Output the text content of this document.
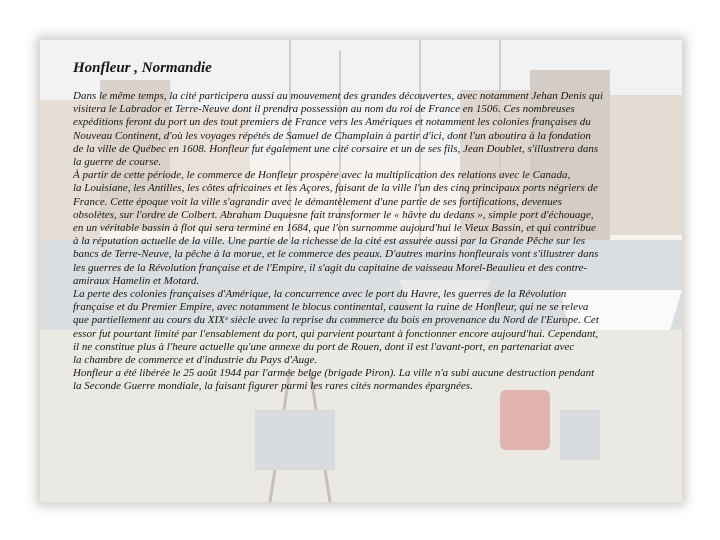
Honfleur , Normandie
Dans le même temps, la cité participera aussi au mouvement des grandes découvertes, avec notamment Jehan Denis qui
visitera le Labrador et Terre-Neuve dont il prendra possession au nom du roi de France en 1506. Ces nombreuses
expéditions feront du port un des tout premiers de France vers les Amériques et notamment les colonies françaises du
Nouveau Continent, d'où les voyages répétés de Samuel de Champlain à partir d'ici, dont l'un aboutira à la fondation
de la ville de Québec en 1608. Honfleur fut également une cité corsaire et un de ses fils, Jean Doublet, s'illustrera dans
la guerre de course.
À partir de cette période, le commerce de Honfleur prospère avec la multiplication des relations avec le Canada,
la Louisiane, les Antilles, les côtes africaines et les Açores, faisant de la ville l'un des cinq principaux ports négriers de
France. Cette époque voit la ville s'agrandir avec le démantèlement d'une partie de ses fortifications, devenues
obsolètes, sur l'ordre de Colbert. Abraham Duquesne fait transformer le « hâvre du dedans », simple port d'échouage,
en un véritable bassin à flot qui sera terminé en 1684, que l'on surnomme aujourd'hui le Vieux Bassin, et qui contribue
à la réputation actuelle de la ville. Une partie de la richesse de la cité est assurée aussi par la Grande Pêche sur les
bancs de Terre-Neuve, la pêche à la morue, et le commerce des peaux. D'autres marins honfleurais vont s'illustrer dans
les guerres de la Révolution française et de l'Empire, il s'agit du capitaine de vaisseau Morel-Beaulieu et des contre-
amiraux Hamelin et Motard.
La perte des colonies françaises d'Amérique, la concurrence avec le port du Havre, les guerres de la Révolution
française et du Premier Empire, avec notamment le blocus continental, causent la ruine de Honfleur, qui ne se releva
que partiellement au cours du XIXᵉ siècle avec la reprise du commerce du bois en provenance du Nord de l'Europe. Cet
essor fut pourtant limité par l'ensablement du port, qui parvient pourtant à fonctionner encore aujourd'hui. Cependant,
il ne constitue plus à l'heure actuelle qu'une annexe du port de Rouen, dont il est l'avant-port, en partenariat avec
la chambre de commerce et d'industrie du Pays d'Auge.
Honfleur a été libérée le 25 août 1944 par l'armée belge (brigade Piron). La ville n'a subi aucune destruction pendant
la Seconde Guerre mondiale, la faisant figurer parmi les rares cités normandes épargnées.
